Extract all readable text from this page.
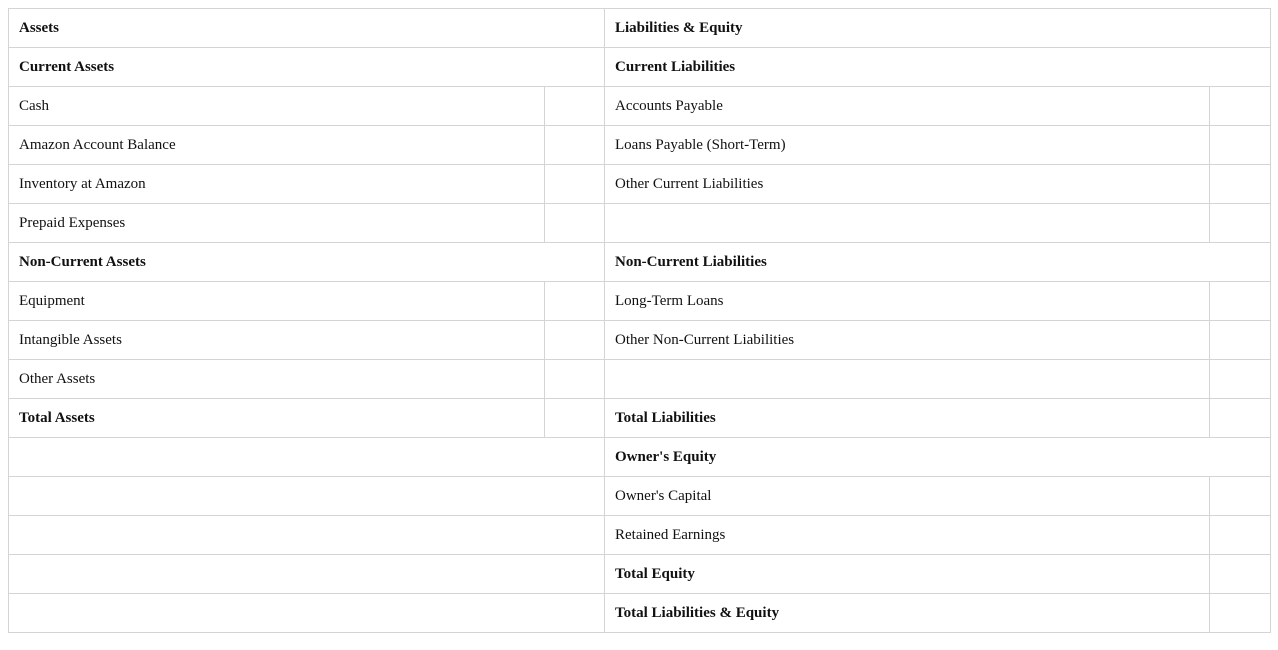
Assets		Liabilities & Equity	
Current Assets		Current Liabilities	
Cash		Accounts Payable	
Amazon Account Balance		Loans Payable (Short-Term)	
Inventory at Amazon		Other Current Liabilities	
Prepaid Expenses			
Non-Current Assets		Non-Current Liabilities	
Equipment		Long-Term Loans	
Intangible Assets		Other Non-Current Liabilities	
Other Assets			
Total Assets		Total Liabilities	
		Owner's Equity	
		Owner's Capital	
		Retained Earnings	
		Total Equity	
		Total Liabilities & Equity	
